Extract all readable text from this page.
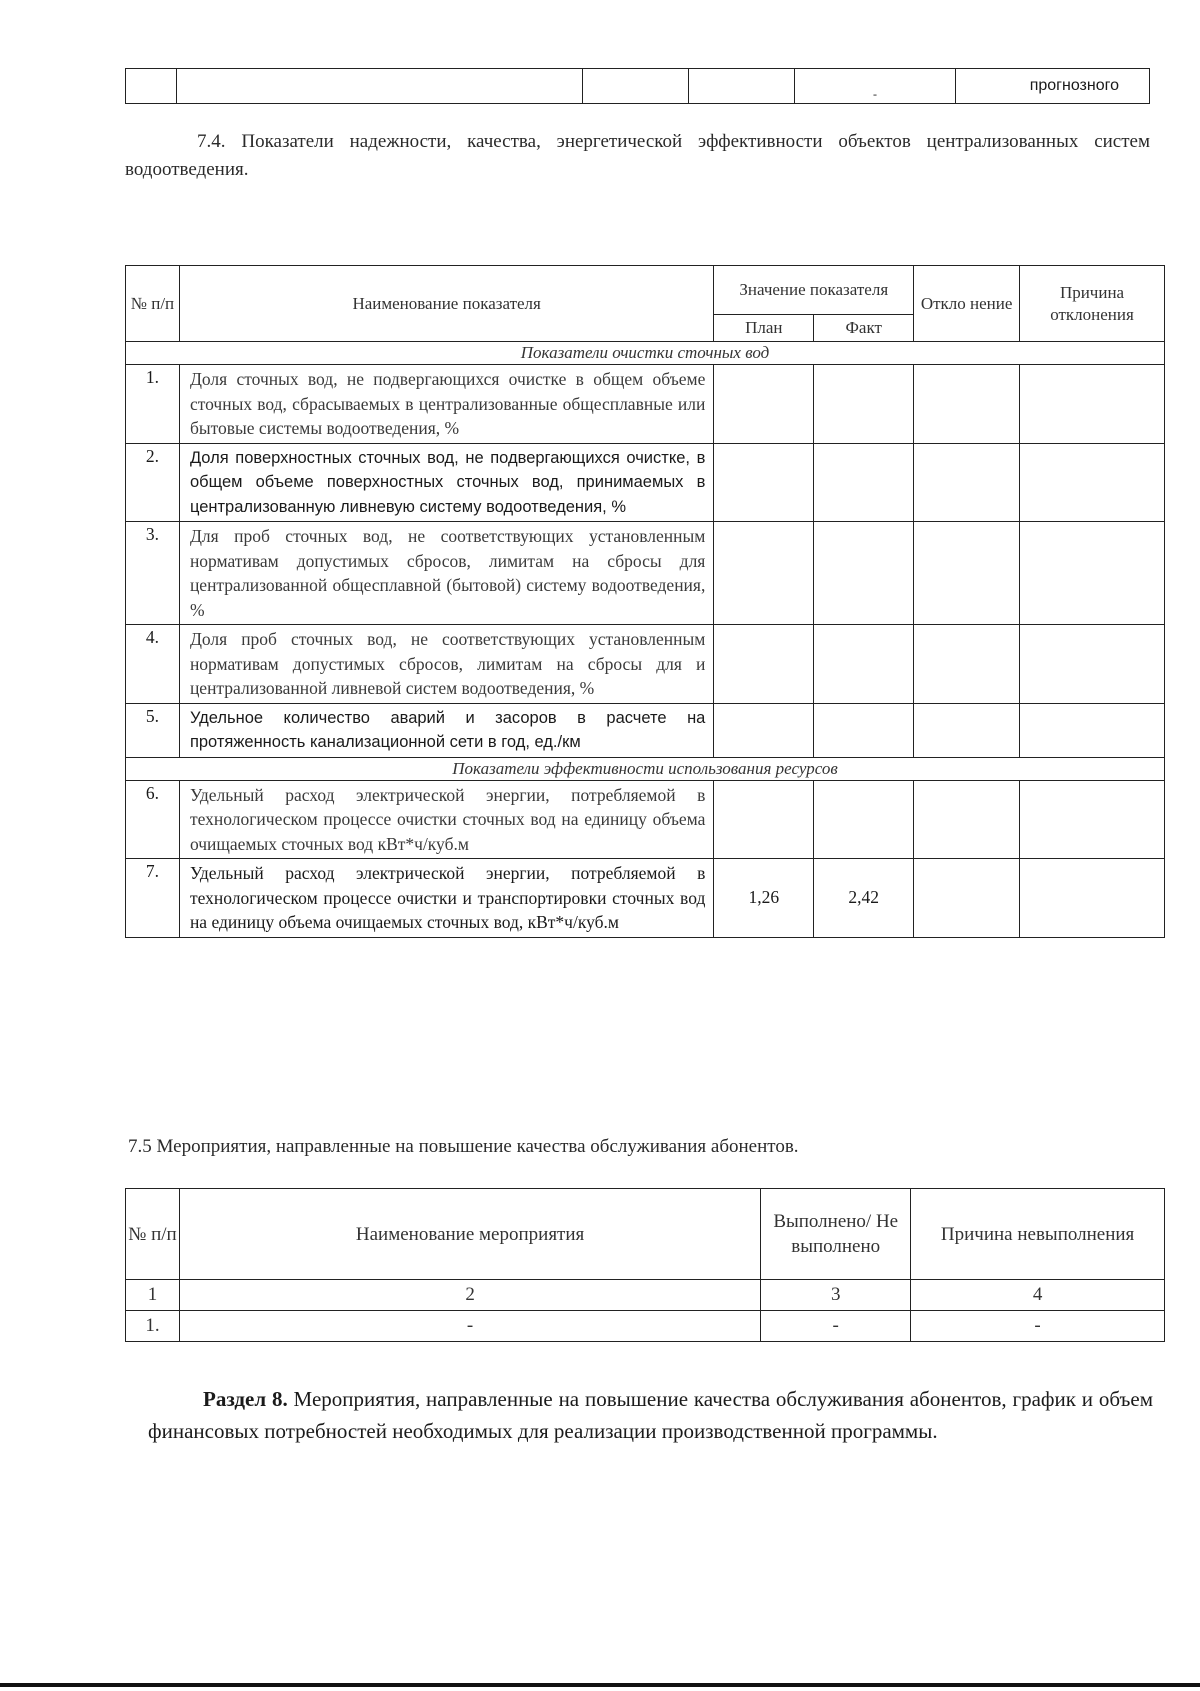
				-	прогнозного
7.4. Показатели надежности, качества, энергетической эффективности объектов централизованных систем водоотведения.
№ п/п	Наименование показателя	Значение показателя		Откло нение	Причина отклонения
		План	Факт		
Показатели очистки сточных вод					
1.	Доля сточных вод, не подвергающихся очистке в общем объеме сточных вод, сбрасываемых в централизованные общесплавные или бытовые системы водоотведения, %				
2.	Доля поверхностных сточных вод, не подвергающихся очистке, в общем объеме поверхностных сточных вод, принимаемых в централизованную ливневую систему водоотведения, %				
3.	Для проб сточных вод, не соответствующих установленным нормативам допустимых сбросов, лимитам на сбросы для централизованной общесплавной (бытовой) систему водоотведения, %				
4.	Доля проб сточных вод, не соответствующих установленным нормативам допустимых сбросов, лимитам на сбросы для и централизованной ливневой систем водоотведения, %				
5.	Удельное количество аварий и засоров в расчете на протяженность канализационной сети в год, ед./км				
Показатели эффективности использования ресурсов					
6.	Удельный расход электрической энергии, потребляемой в технологическом процессе очистки сточных вод на единицу объема очищаемых сточных вод кВт*ч/куб.м				
7.	Удельный расход электрической энергии, потребляемой в технологическом процессе очистки и транспортировки сточных вод на единицу объема очищаемых сточных вод, кВт*ч/куб.м	1,26	2,42		
7.5 Мероприятия, направленные на повышение качества обслуживания абонентов.
№ п/п	Наименование мероприятия	Выполнено/ Не выполнено	Причина невыполнения
1	2	3	4
1.	-	-	-
Раздел 8. Мероприятия, направленные на повышение качества обслуживания абонентов, график и объем финансовых потребностей необходимых для реализации производственной программы.
